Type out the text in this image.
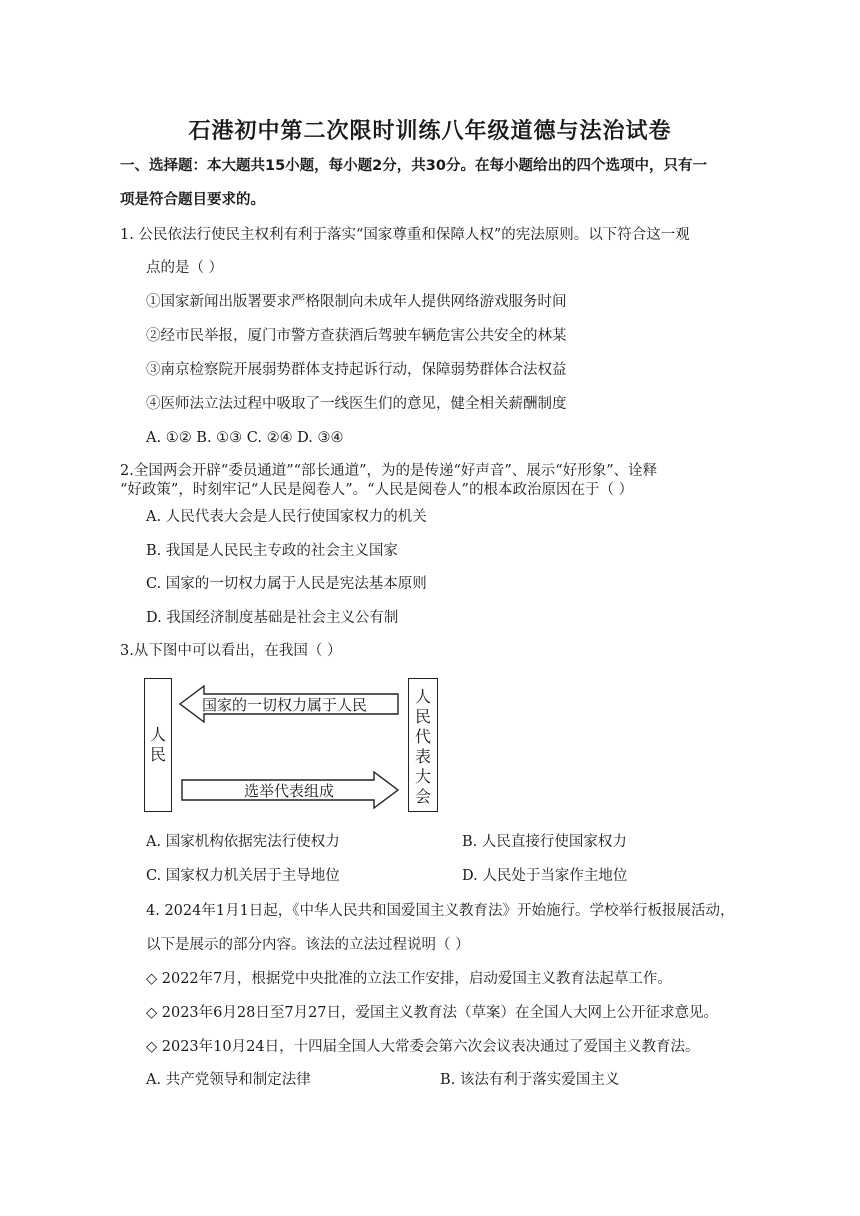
石港初中第二次限时训练八年级道德与法治试卷
一、选择题：本大题共15小题，每小题2分，共30分。在每小题给出的四个选项中，只有一
项是符合题目要求的。
1. 公民依法行使民主权利有利于落实“国家尊重和保障人权”的宪法原则。以下符合这一观
点的是（ ）
①国家新闻出版署要求严格限制向未成年人提供网络游戏服务时间
②经市民举报，厦门市警方查获酒后驾驶车辆危害公共安全的林某
③南京检察院开展弱势群体支持起诉行动，保障弱势群体合法权益
④医师法立法过程中吸取了一线医生们的意见，健全相关薪酬制度
A. ①② B. ①③ C. ②④ D. ③④
2.全国两会开辟“委员通道”“部长通道”，为的是传递“好声音”、展示“好形象”、诠释
“好政策”，时刻牢记“人民是阅卷人”。“人民是阅卷人”的根本政治原因在于（ ）
A. 人民代表大会是人民行使国家权力的机关
B. 我国是人民民主专政的社会主义国家
C. 国家的一切权力属于人民是宪法基本原则
D. 我国经济制度基础是社会主义公有制
3.从下图中可以看出，在我国（ ）
人
民
人
民
代
表
大
会
国家的一切权力属于人民
选举代表组成
A. 国家机构依据宪法行使权力	B. 人民直接行使国家权力
C. 国家权力机关居于主导地位	D. 人民处于当家作主地位
4. 2024年1月1日起，《中华人民共和国爱国主义教育法》开始施行。学校举行板报展活动，
以下是展示的部分内容。该法的立法过程说明（ ）
◇ 2022年7月，根据党中央批准的立法工作安排，启动爱国主义教育法起草工作。
◇ 2023年6月28日至7月27日，爱国主义教育法（草案）在全国人大网上公开征求意见。
◇ 2023年10月24日，十四届全国人大常委会第六次会议表决通过了爱国主义教育法。
A. 共产党领导和制定法律	B. 该法有利于落实爱国主义
